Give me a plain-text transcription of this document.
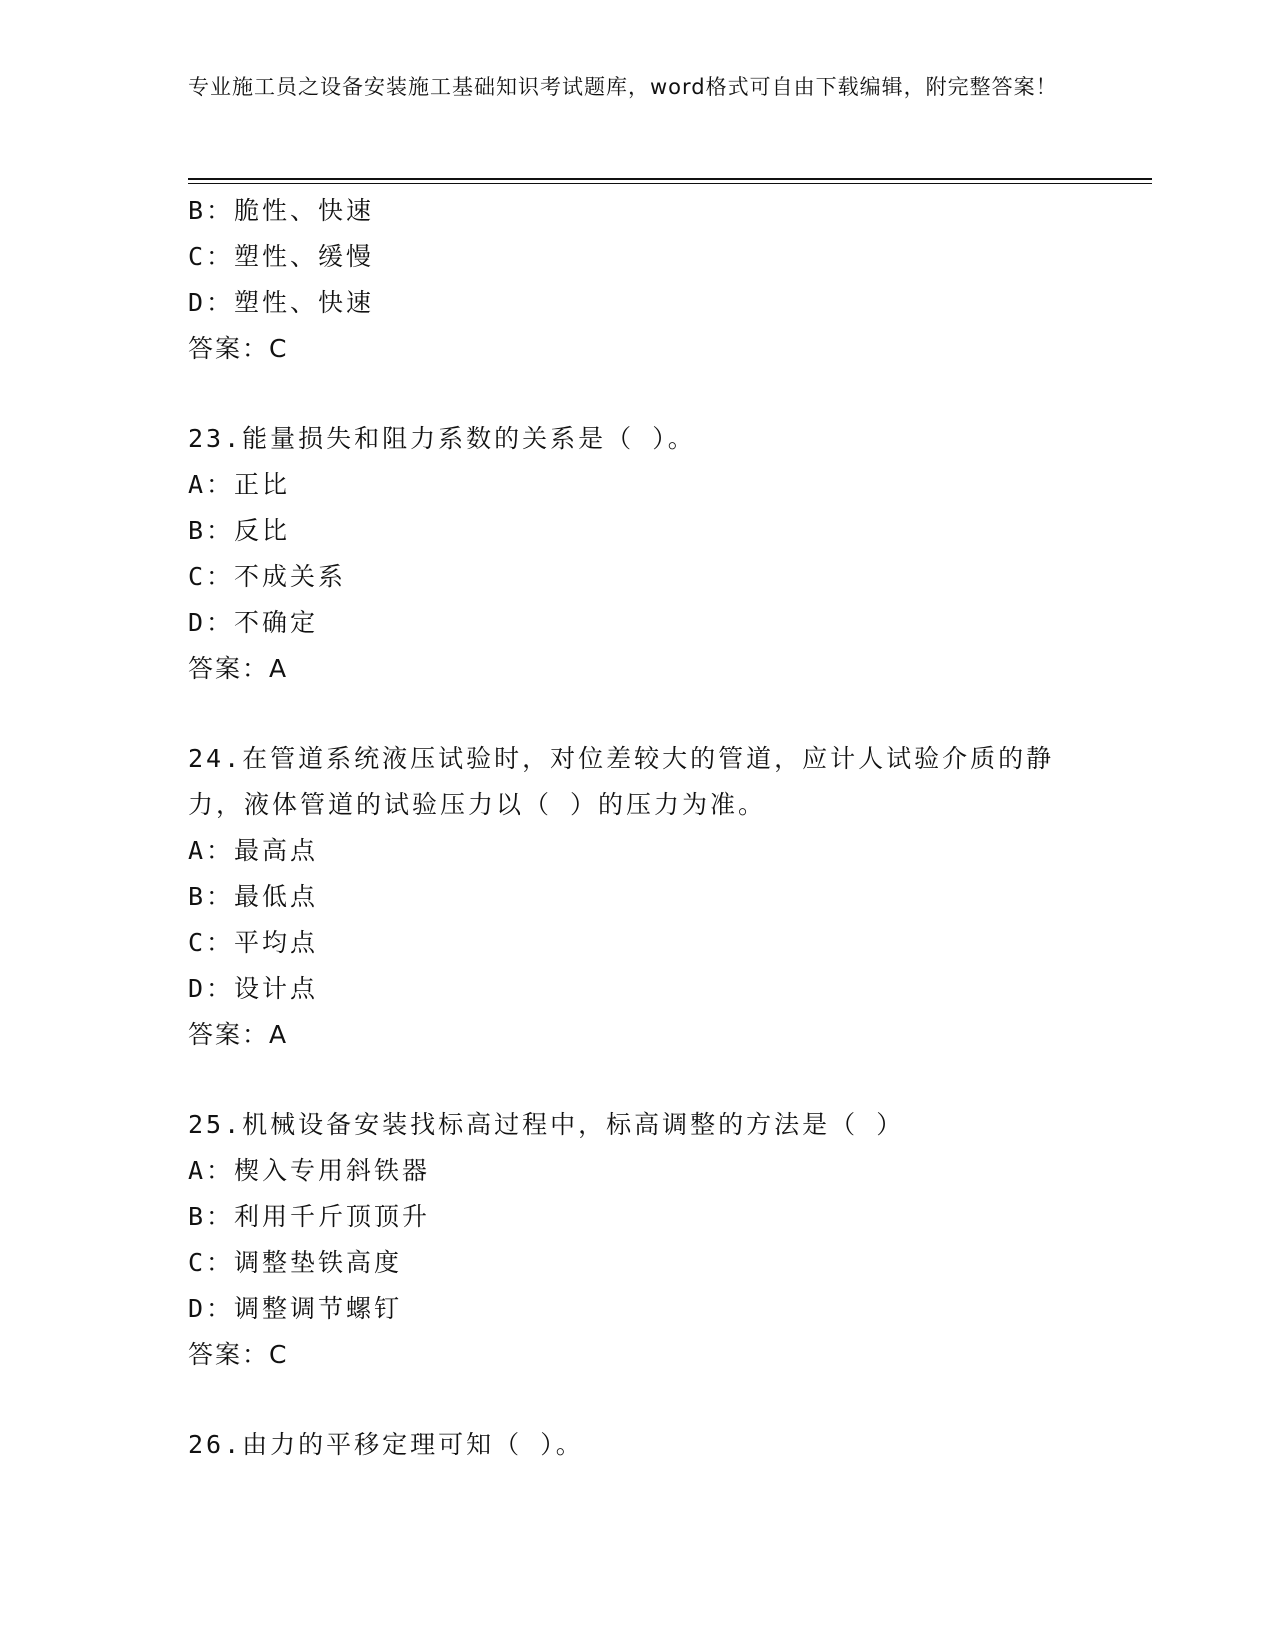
专业施工员之设备安装施工基础知识考试题库，word格式可自由下载编辑，附完整答案！
B：脆性、快速
C：塑性、缓慢
D：塑性、快速
答案：C
23.能量损失和阻力系数的关系是（ ）。
A：正比
B：反比
C：不成关系
D：不确定
答案：A
24.在管道系统液压试验时，对位差较大的管道，应计人试验介质的静力，液体管道的试验压力以（ ）的压力为准。
A：最高点
B：最低点
C：平均点
D：设计点
答案：A
25.机械设备安装找标高过程中，标高调整的方法是（ ）
A：楔入专用斜铁器
B：利用千斤顶顶升
C：调整垫铁高度
D：调整调节螺钉
答案：C
26.由力的平移定理可知（ ）。
